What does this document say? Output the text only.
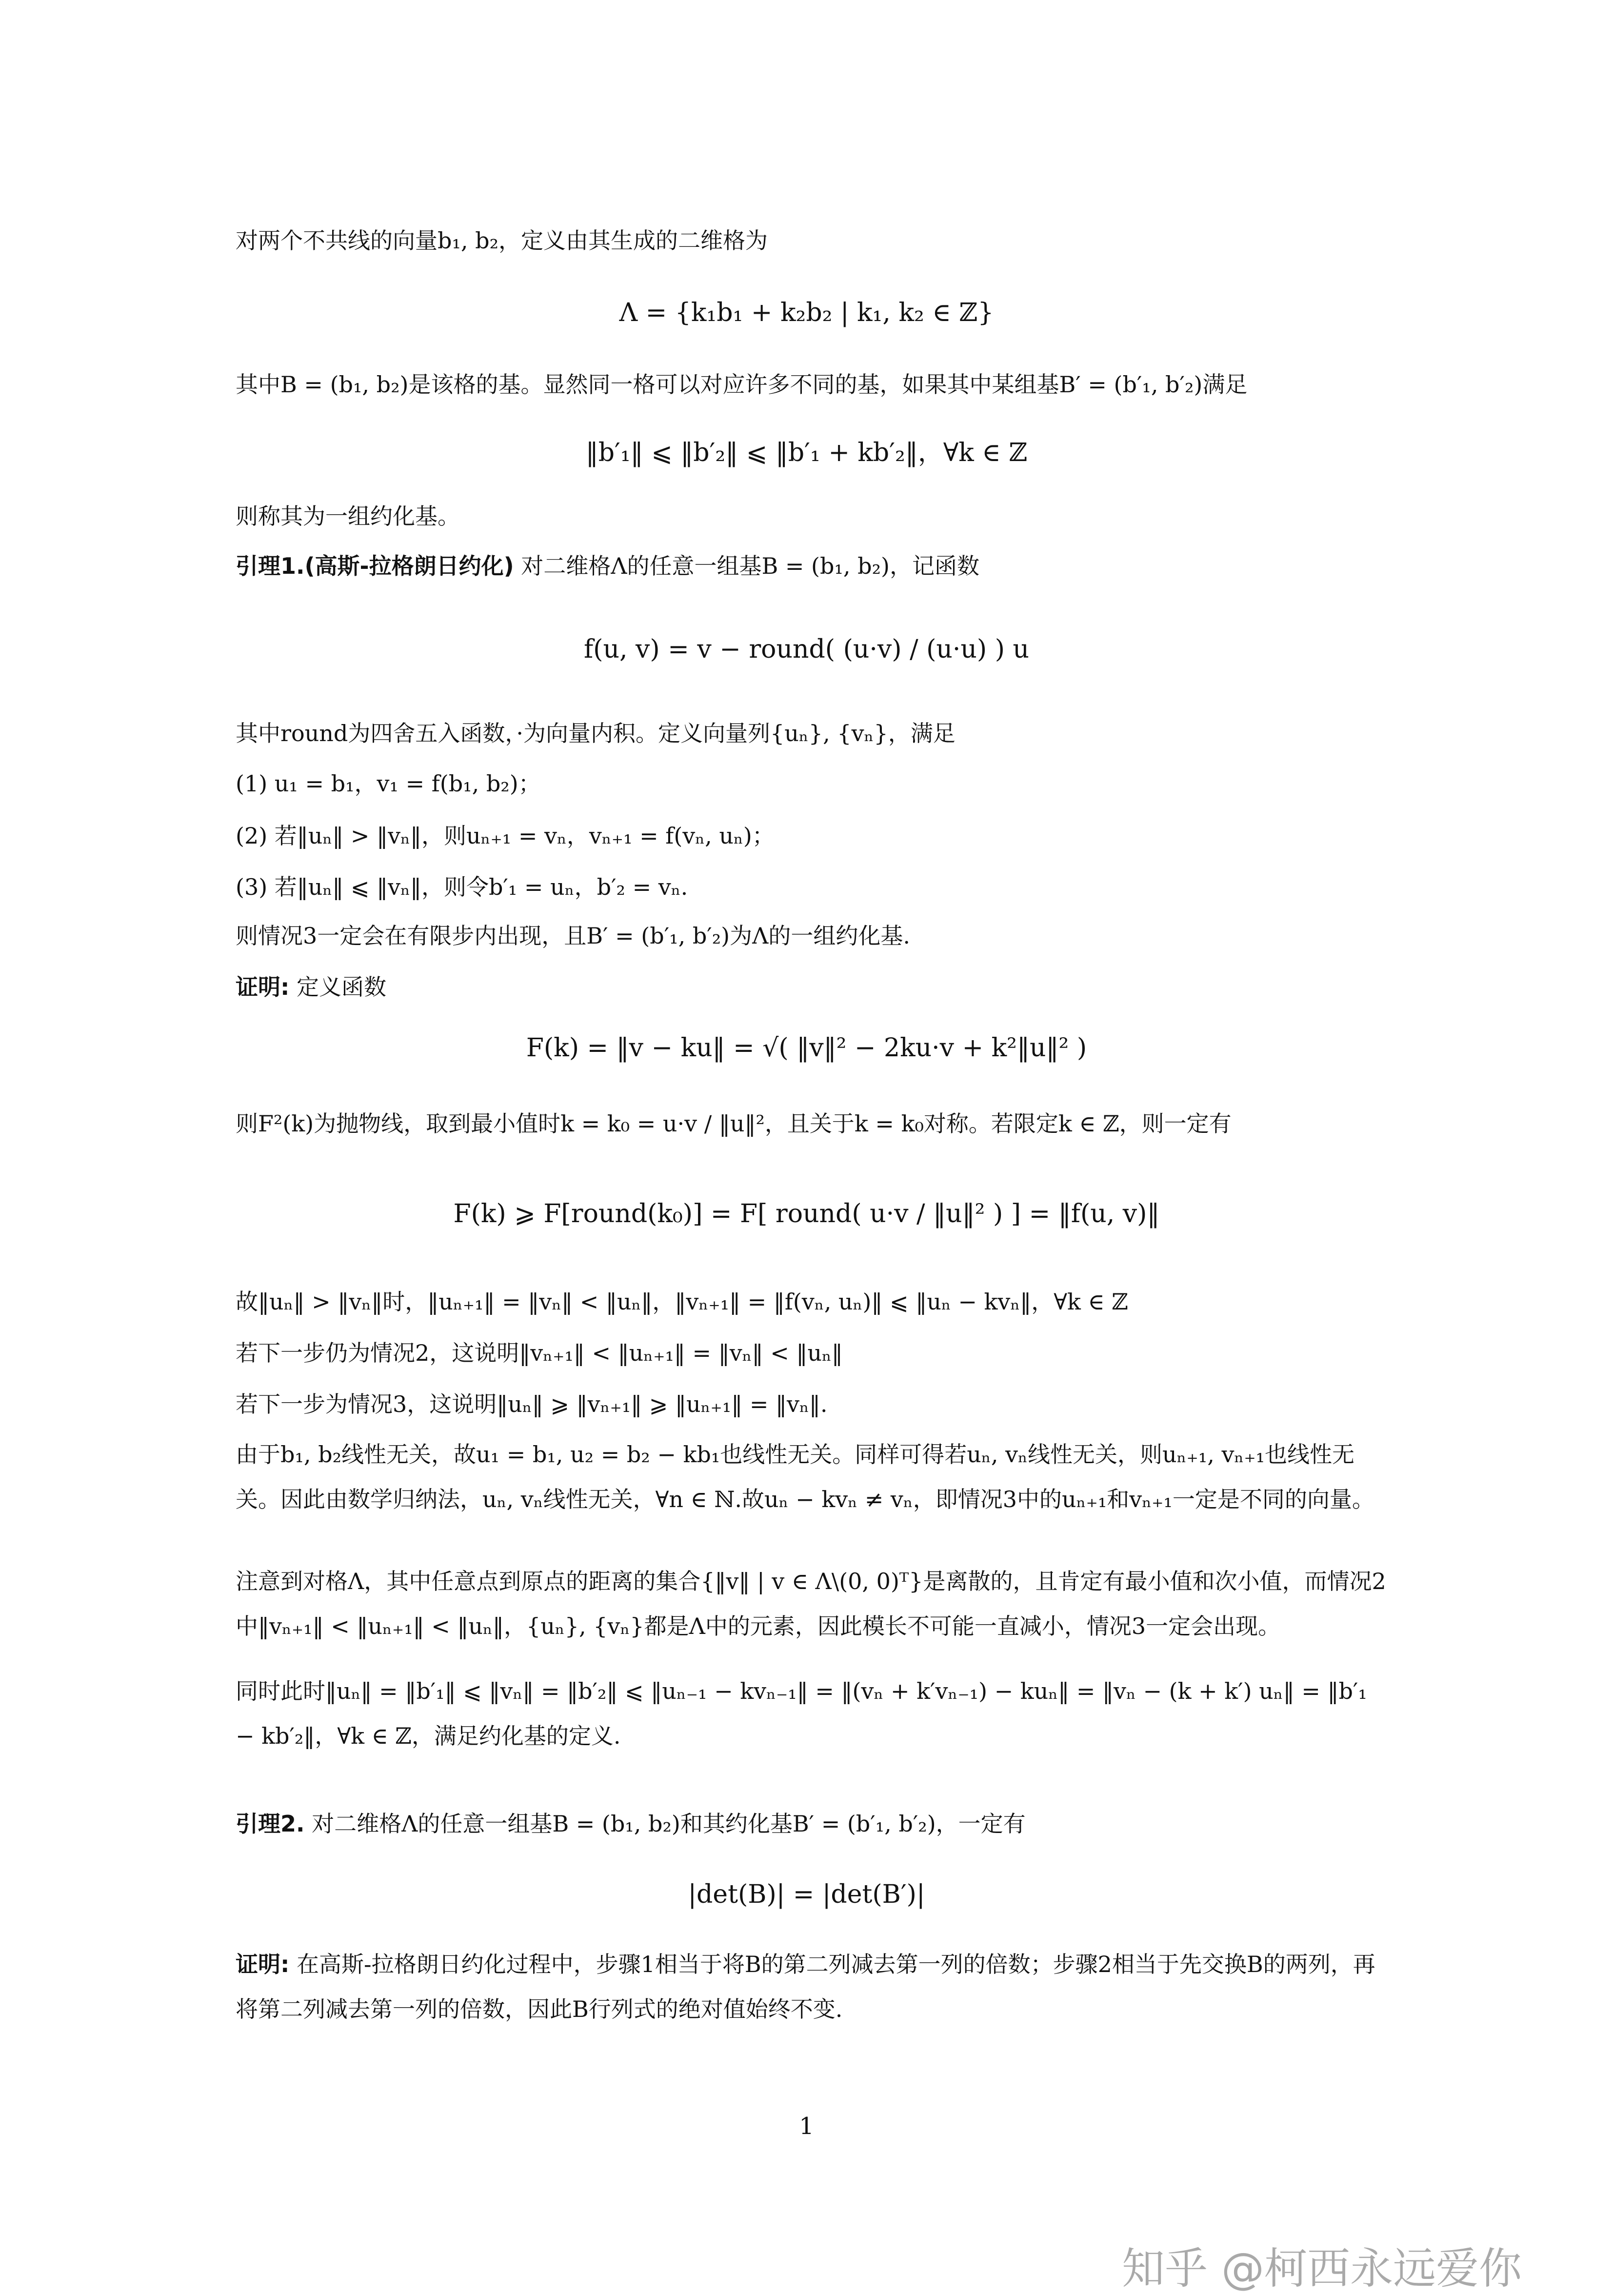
对两个不共线的向量b₁, b₂，定义由其生成的二维格为
Λ = {k₁b₁ + k₂b₂ | k₁, k₂ ∈ ℤ}
其中B = (b₁, b₂)是该格的基。显然同一格可以对应许多不同的基，如果其中某组基B′ = (b′₁, b′₂)满足
‖b′₁‖ ⩽ ‖b′₂‖ ⩽ ‖b′₁ + kb′₂‖，∀k ∈ ℤ
则称其为一组约化基。
引理1.(高斯-拉格朗日约化) 对二维格Λ的任意一组基B = (b₁, b₂)，记函数
f(u, v) = v − round( (u·v) / (u·u) ) u
其中round为四舍五入函数，·为向量内积。定义向量列{uₙ}, {vₙ}，满足
(1) u₁ = b₁，v₁ = f(b₁, b₂)；
(2) 若‖uₙ‖ > ‖vₙ‖，则uₙ₊₁ = vₙ，vₙ₊₁ = f(vₙ, uₙ)；
(3) 若‖uₙ‖ ⩽ ‖vₙ‖，则令b′₁ = uₙ，b′₂ = vₙ.
则情况3一定会在有限步内出现，且B′ = (b′₁, b′₂)为Λ的一组约化基.
证明: 定义函数
F(k) = ‖v − ku‖ = √( ‖v‖² − 2ku·v + k²‖u‖² )
则F²(k)为抛物线，取到最小值时k = k₀ = u·v / ‖u‖²，且关于k = k₀对称。若限定k ∈ ℤ，则一定有
F(k) ⩾ F[round(k₀)] = F[ round( u·v / ‖u‖² ) ] = ‖f(u, v)‖
故‖uₙ‖ > ‖vₙ‖时，‖uₙ₊₁‖ = ‖vₙ‖ < ‖uₙ‖，‖vₙ₊₁‖ = ‖f(vₙ, uₙ)‖ ⩽ ‖uₙ − kvₙ‖，∀k ∈ ℤ
若下一步仍为情况2，这说明‖vₙ₊₁‖ < ‖uₙ₊₁‖ = ‖vₙ‖ < ‖uₙ‖
若下一步为情况3，这说明‖uₙ‖ ⩾ ‖vₙ₊₁‖ ⩾ ‖uₙ₊₁‖ = ‖vₙ‖.
由于b₁, b₂线性无关，故u₁ = b₁, u₂ = b₂ − kb₁也线性无关。同样可得若uₙ, vₙ线性无关，则uₙ₊₁, vₙ₊₁也线性无关。因此由数学归纳法，uₙ, vₙ线性无关，∀n ∈ ℕ.故uₙ − kvₙ ≠ vₙ，即情况3中的uₙ₊₁和vₙ₊₁一定是不同的向量。
注意到对格Λ，其中任意点到原点的距离的集合{‖v‖ | v ∈ Λ\(0, 0)ᵀ}是离散的，且肯定有最小值和次小值，而情况2中‖vₙ₊₁‖ < ‖uₙ₊₁‖ < ‖uₙ‖，{uₙ}, {vₙ}都是Λ中的元素，因此模长不可能一直减小，情况3一定会出现。
同时此时‖uₙ‖ = ‖b′₁‖ ⩽ ‖vₙ‖ = ‖b′₂‖ ⩽ ‖uₙ₋₁ − kvₙ₋₁‖ = ‖(vₙ + k′vₙ₋₁) − kuₙ‖ = ‖vₙ − (k + k′) uₙ‖ = ‖b′₁ − kb′₂‖，∀k ∈ ℤ，满足约化基的定义.
引理2. 对二维格Λ的任意一组基B = (b₁, b₂)和其约化基B′ = (b′₁, b′₂)，一定有
|det(B)| = |det(B′)|
证明: 在高斯-拉格朗日约化过程中，步骤1相当于将B的第二列减去第一列的倍数；步骤2相当于先交换B的两列，再将第二列减去第一列的倍数，因此B行列式的绝对值始终不变.
1
知乎 @柯西永远爱你
